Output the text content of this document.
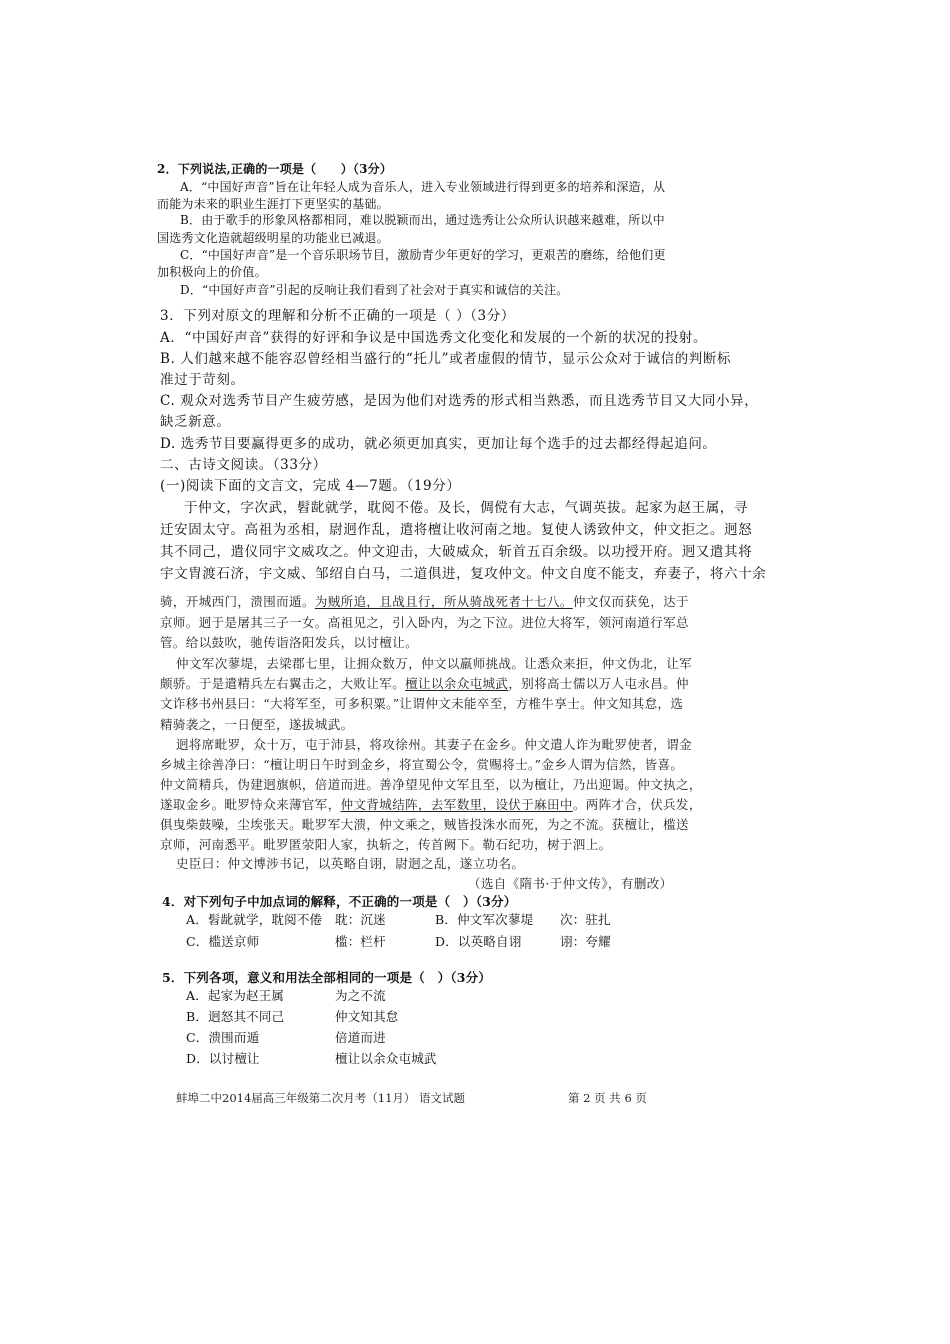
2．下列说法,正确的一项是（　　）（3分）
A．“中国好声音”旨在让年轻人成为音乐人，进入专业领域进行得到更多的培养和深造，从
而能为未来的职业生涯打下更坚实的基础。
B．由于歌手的形象风格都相同，难以脱颖而出，通过选秀让公众所认识越来越难，所以中
国选秀文化造就超级明星的功能业已减退。
C．“中国好声音”是一个音乐职场节目，激励青少年更好的学习，更艰苦的磨练，给他们更
加积极向上的价值。
D．“中国好声音”引起的反响让我们看到了社会对于真实和诚信的关注。
3．下列对原文的理解和分析不正确的一项是（ ）（3分）
A．“中国好声音”获得的好评和争议是中国选秀文化变化和发展的一个新的状况的投射。
B. 人们越来越不能容忍曾经相当盛行的“托儿”或者虚假的情节，显示公众对于诚信的判断标
准过于苛刻。
C. 观众对选秀节目产生疲劳感，是因为他们对选秀的形式相当熟悉，而且选秀节目又大同小异，
缺乏新意。
D. 选秀节目要赢得更多的成功，就必须更加真实，更加让每个选手的过去都经得起追问。
二、古诗文阅读。（33分）
(一)阅读下面的文言文，完成 4—7题。（19分）
于仲文，字次武，髫龀就学，耽阅不倦。及长，倜傥有大志，气调英拔。起家为赵王属，寻
迁安固太守。高祖为丞相，尉迥作乱，遣将檀让收河南之地。复使人诱致仲文，仲文拒之。迥怒
其不同己，遣仪同宇文威攻之。仲文迎击，大破威众，斩首五百余级。以功授开府。迥又遣其将
宇文胄渡石济，宇文威、邹绍自白马，二道俱进，复攻仲文。仲文自度不能支，弃妻子，将六十余
骑，开城西门，溃围而遁。为贼所追，且战且行，所从骑战死者十七八。仲文仅而获免，达于
京师。迥于是屠其三子一女。高祖见之，引入卧内，为之下泣。进位大将军，领河南道行军总
管。给以鼓吹，驰传诣洛阳发兵，以讨檀让。
仲文军次蓼堤，去梁郡七里，让拥众数万，仲文以羸师挑战。让悉众来拒，仲文伪北，让军
颇骄。于是遣精兵左右翼击之，大败让军。檀让以余众屯城武，别将高士儒以万人屯永昌。仲
文诈移书州县曰：“大将军至，可多积粟。”让谓仲文未能卒至，方椎牛享士。仲文知其怠，选
精骑袭之，一日便至，遂拔城武。
迥将席毗罗，众十万，屯于沛县，将攻徐州。其妻子在金乡。仲文遣人诈为毗罗使者，谓金
乡城主徐善净曰：“檀让明日午时到金乡，将宣蜀公令，赏赐将士。”金乡人谓为信然，皆喜。
仲文简精兵，伪建迥旗帜，倍道而进。善净望见仲文军且至，以为檀让，乃出迎谒。仲文执之，
遂取金乡。毗罗恃众来薄官军，仲文背城结阵，去军数里，设伏于麻田中。两阵才合，伏兵发，
俱曳柴鼓噪，尘埃张天。毗罗军大溃，仲文乘之，贼皆投洙水而死，为之不流。获檀让，槛送
京师，河南悉平。毗罗匿荥阳人家，执斩之，传首阙下。勒石纪功，树于泗上。
史臣曰：仲文博涉书记，以英略自诩，尉迥之乱，遂立功名。
（选自《隋书·于仲文传》，有删改）
4．对下列句子中加点词的解释，不正确的一项是（　）（3分）
A．髫龀就学，耽阅不倦 耽：沉迷	B．仲文军次蓼堤 次：驻扎
C．槛送京师	槛：栏杆	D．以英略自诩	诩：夸耀
5．下列各项，意义和用法全部相同的一项是（　）（3分）
A．起家为赵王属	为之不流
B．迥怒其不同己	仲文知其怠
C．溃围而遁	倍道而进
D．以讨檀让	檀让以余众屯城武
蚌埠二中2014届高三年级第二次月考（11月） 语文试题	第 2 页 共 6 页
